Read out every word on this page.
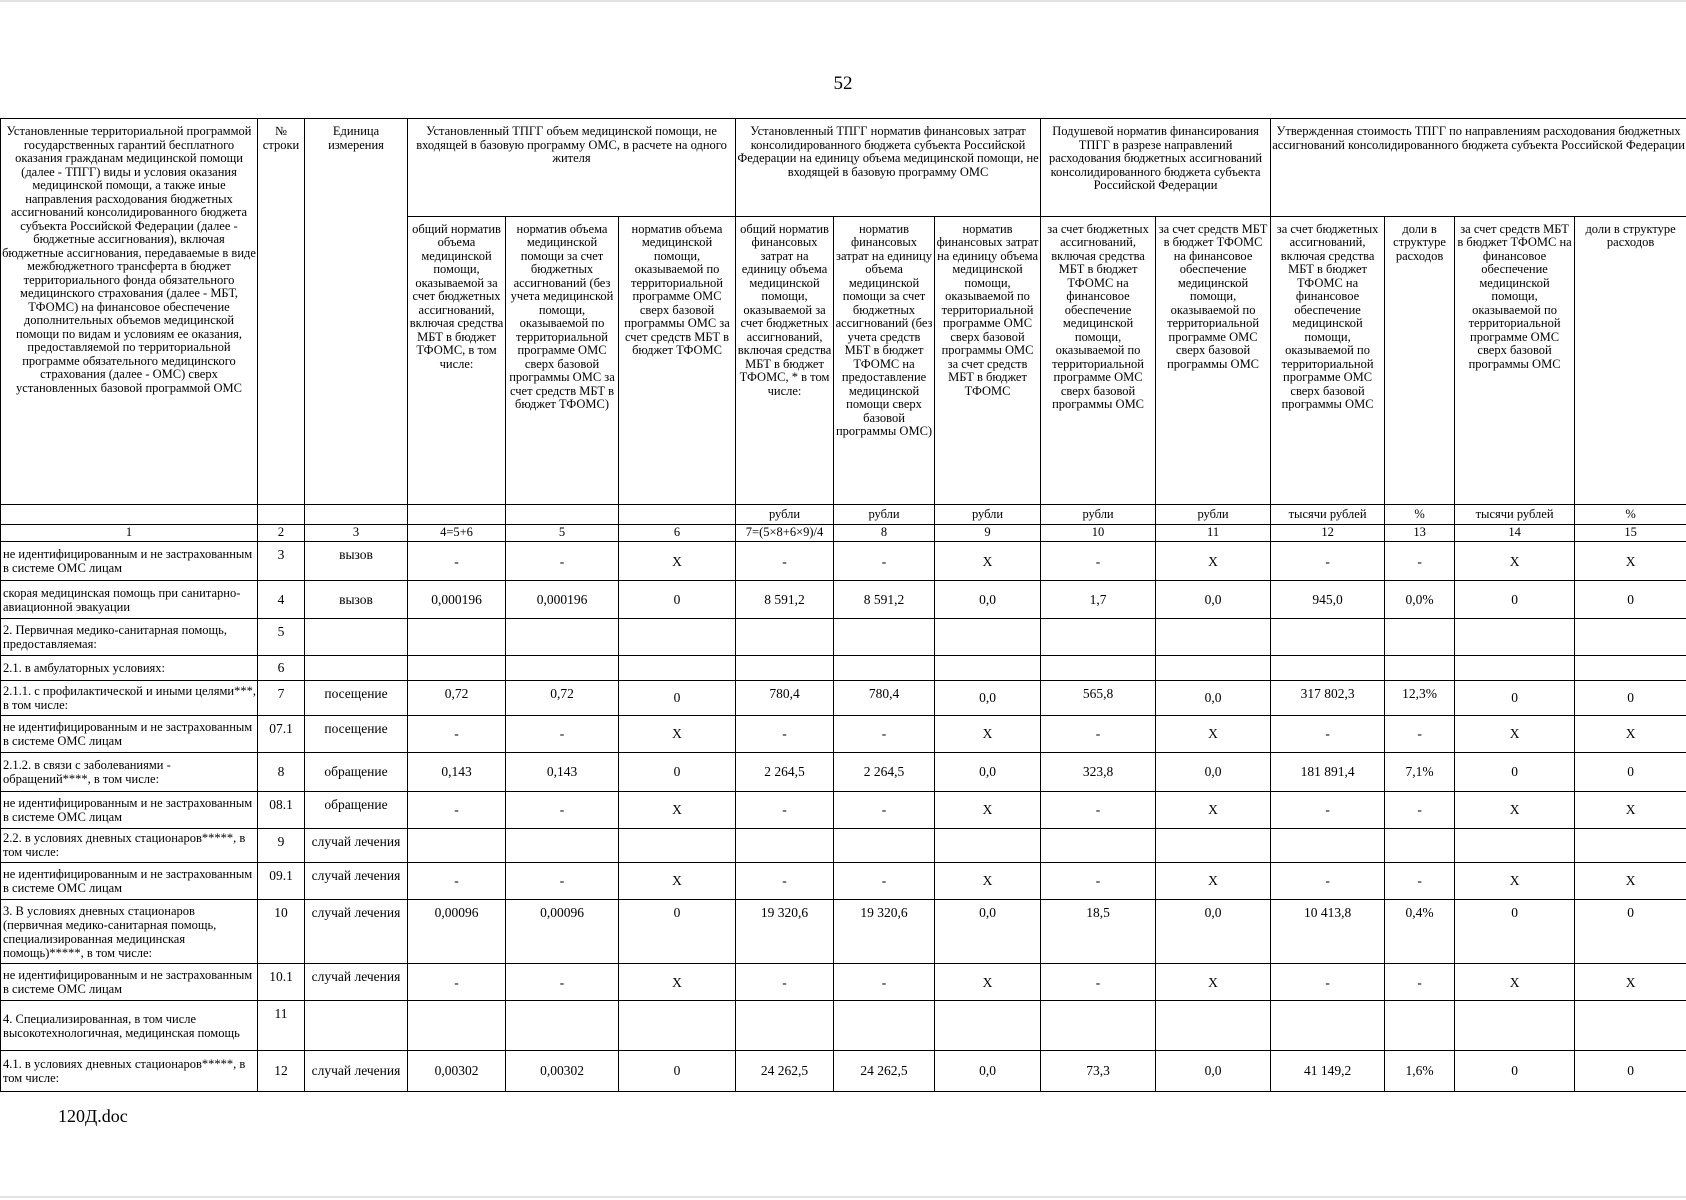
52
Установленные территориальной программой государственных гарантий бесплатного оказания гражданам медицинской помощи (далее - ТПГГ) виды и условия оказания медицинской помощи, а также иные направления расходования бюджетных ассигнований консолидированного бюджета субъекта Российской Федерации (далее - бюджетные ассигнования), включая бюджетные ассигнования, передаваемые в виде межбюджетного трансферта в бюджет территориального фонда обязательного медицинского страхования (далее - МБТ, ТФОМС) на финансовое обеспечение дополнительных объемов медицинской помощи по видам и условиям ее оказания, предоставляемой по территориальной программе обязательного медицинского страхования (далее - ОМС) сверх установленных базовой программой ОМС	№ строки	Единица измерения	Установленный ТПГГ объем медицинской помощи, не входящей в базовую программу ОМС, в расчете на одного жителя			Установленный ТПГГ норматив финансовых затрат консолидированного бюджета субъекта Российской Федерации на единицу объема медицинской помощи, не входящей в базовую программу ОМС			Подушевой норматив финансирования ТПГГ в разрезе направлений расходования бюджетных ассигнований консолидированного бюджета субъекта Российской Федерации		Утвержденная стоимость ТПГГ по направлениям расходования бюджетных ассигнований консолидированного бюджета субъекта Российской Федерации			
			общий норматив объема медицинской помощи, оказываемой за счет бюджетных ассигнований, включая средства МБТ в бюджет ТФОМС, в том числе:	норматив объема медицинской помощи за счет бюджетных ассигнований (без учета медицинской помощи, оказываемой по территориальной программе ОМС сверх базовой программы ОМС за счет средств МБТ в бюджет ТФОМС)	норматив объема медицинской помощи, оказываемой по территориальной программе ОМС сверх базовой программы ОМС за счет средств МБТ в бюджет ТФОМС	общий норматив финансовых затрат на единицу объема медицинской помощи, оказываемой за счет бюджетных ассигнований, включая средства МБТ в бюджет ТФОМС, * в том числе:	норматив финансовых затрат на единицу объема медицинской помощи за счет бюджетных ассигнований (без учета средств МБТ в бюджет ТФОМС на предоставление медицинской помощи сверх базовой программы ОМС)	норматив финансовых затрат на единицу объема медицинской помощи, оказываемой по территориальной программе ОМС сверх базовой программы ОМС за счет средств МБТ в бюджет ТФОМС	за счет бюджетных ассигнований, включая средства МБТ в бюджет ТФОМС на финансовое обеспечение медицинской помощи, оказываемой по территориальной программе ОМС сверх базовой программы ОМС	за счет средств МБТ в бюджет ТФОМС на финансовое обеспечение медицинской помощи, оказываемой по территориальной программе ОМС сверх базовой программы ОМС	за счет бюджетных ассигнований, включая средства МБТ в бюджет ТФОМС на финансовое обеспечение медицинской помощи, оказываемой по территориальной программе ОМС сверх базовой программы ОМС	доли в структуре расходов	за счет средств МБТ в бюджет ТФОМС на финансовое обеспечение медицинской помощи, оказываемой по территориальной программе ОМС сверх базовой программы ОМС	доли в структуре расходов
						рубли	рубли	рубли	рубли	рубли	тысячи рублей	%	тысячи рублей	%
1	2	3	4=5+6	5	6	7=(5×8+6×9)/4	8	9	10	11	12	13	14	15
не идентифицированным и не застрахованным в системе ОМС лицам	3	вызов	-	-	X	-	-	X	-	X	-	-	X	X
скорая медицинская помощь при санитарно-авиационной эвакуации	4	вызов	0,000196	0,000196	0	8 591,2	8 591,2	0,0	1,7	0,0	945,0	0,0%	0	0
2. Первичная медико-санитарная помощь, предоставляемая:	5													
2.1. в амбулаторных условиях:	6													
2.1.1. с профилактической и иными целями***, в том числе:	7	посещение	0,72	0,72	0	780,4	780,4	0,0	565,8	0,0	317 802,3	12,3%	0	0
не идентифицированным и не застрахованным в системе ОМС лицам	07.1	посещение	-	-	X	-	-	X	-	X	-	-	X	X
2.1.2. в связи с заболеваниями - обращений****, в том числе:	8	обращение	0,143	0,143	0	2 264,5	2 264,5	0,0	323,8	0,0	181 891,4	7,1%	0	0
не идентифицированным и не застрахованным в системе ОМС лицам	08.1	обращение	-	-	X	-	-	X	-	X	-	-	X	X
2.2. в условиях дневных стационаров*****, в том числе:	9	случай лечения												
не идентифицированным и не застрахованным в системе ОМС лицам	09.1	случай лечения	-	-	X	-	-	X	-	X	-	-	X	X
3. В условиях дневных стационаров (первичная медико-санитарная помощь, специализированная медицинская помощь)*****, в том числе:	10	случай лечения	0,00096	0,00096	0	19 320,6	19 320,6	0,0	18,5	0,0	10 413,8	0,4%	0	0
не идентифицированным и не застрахованным в системе ОМС лицам	10.1	случай лечения	-	-	X	-	-	X	-	X	-	-	X	X
4. Специализированная, в том числе высокотехнологичная, медицинская помощь	11													
4.1. в условиях дневных стационаров*****, в том числе:	12	случай лечения	0,00302	0,00302	0	24 262,5	24 262,5	0,0	73,3	0,0	41 149,2	1,6%	0	0
120Д.doc
